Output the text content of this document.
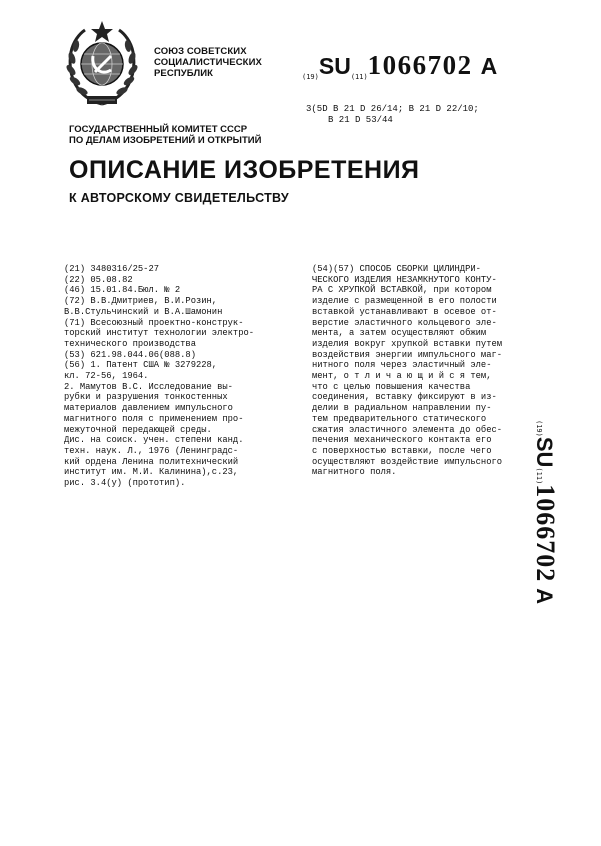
СОЮЗ СОВЕТСКИХ
СОЦИАЛИСТИЧЕСКИХ
РЕСПУБЛИК	(19)SU(11)1066702 A
3(5D В 21 D 26/14; В 21 D 22/10;
В 21 D 53/44
ГОСУДАРСТВЕННЫЙ КОМИТЕТ СССР
ПО ДЕЛАМ ИЗОБРЕТЕНИЙ И ОТКРЫТИЙ
ОПИСАНИЕ ИЗОБРЕТЕНИЯ
К АВТОРСКОМУ СВИДЕТЕЛЬСТВУ
(21) 3480316/25-27
(22) 05.08.82
(46) 15.01.84.Бюл. № 2
(72) В.В.Дмитриев, В.И.Розин,
В.В.Стульчинский и В.А.Шамонин
(71) Всесоюзный проектно-конструк-
торский институт технологии электро-
технического производства
(53) 621.98.044.06(088.8)
(56) 1. Патент США № 3279228,
кл. 72-56, 1964.
2. Мамутов В.С. Исследование вы-
рубки и разрушения тонкостенных
материалов давлением импульсного
магнитного поля с применением про-
межуточной передающей среды.
Дис. на соиск. учен. степени канд.
техн. наук. Л., 1976 (Ленинградс-
кий ордена Ленина политехнический
институт им. М.И. Калинина),с.23,
рис. 3.4(у) (прототип).
(54)(57) СПОСОБ СБОРКИ ЦИЛИНДРИ-
ЧЕСКОГО ИЗДЕЛИЯ НЕЗАМКНУТОГО КОНТУ-
РА С ХРУПКОЙ ВСТАВКОЙ, при котором
изделие с размещенной в его полости
вставкой устанавливают в осевое от-
верстие эластичного кольцевого эле-
мента, а затем осуществляют обжим
изделия вокруг хрупкой вставки путем
воздействия энергии импульсного маг-
нитного поля через эластичный эле-
мент, о т л и ч а ю щ и й с я тем,
что с целью повышения качества
соединения, вставку фиксируют в из-
делии в радиальном направлении пу-
тем предварительного статического
сжатия эластичного элемента до обес-
печения механического контакта его
с поверхностью вставки, после чего
осуществляют воздействие импульсного
магнитного поля.
(19)SU(11)1066702A
